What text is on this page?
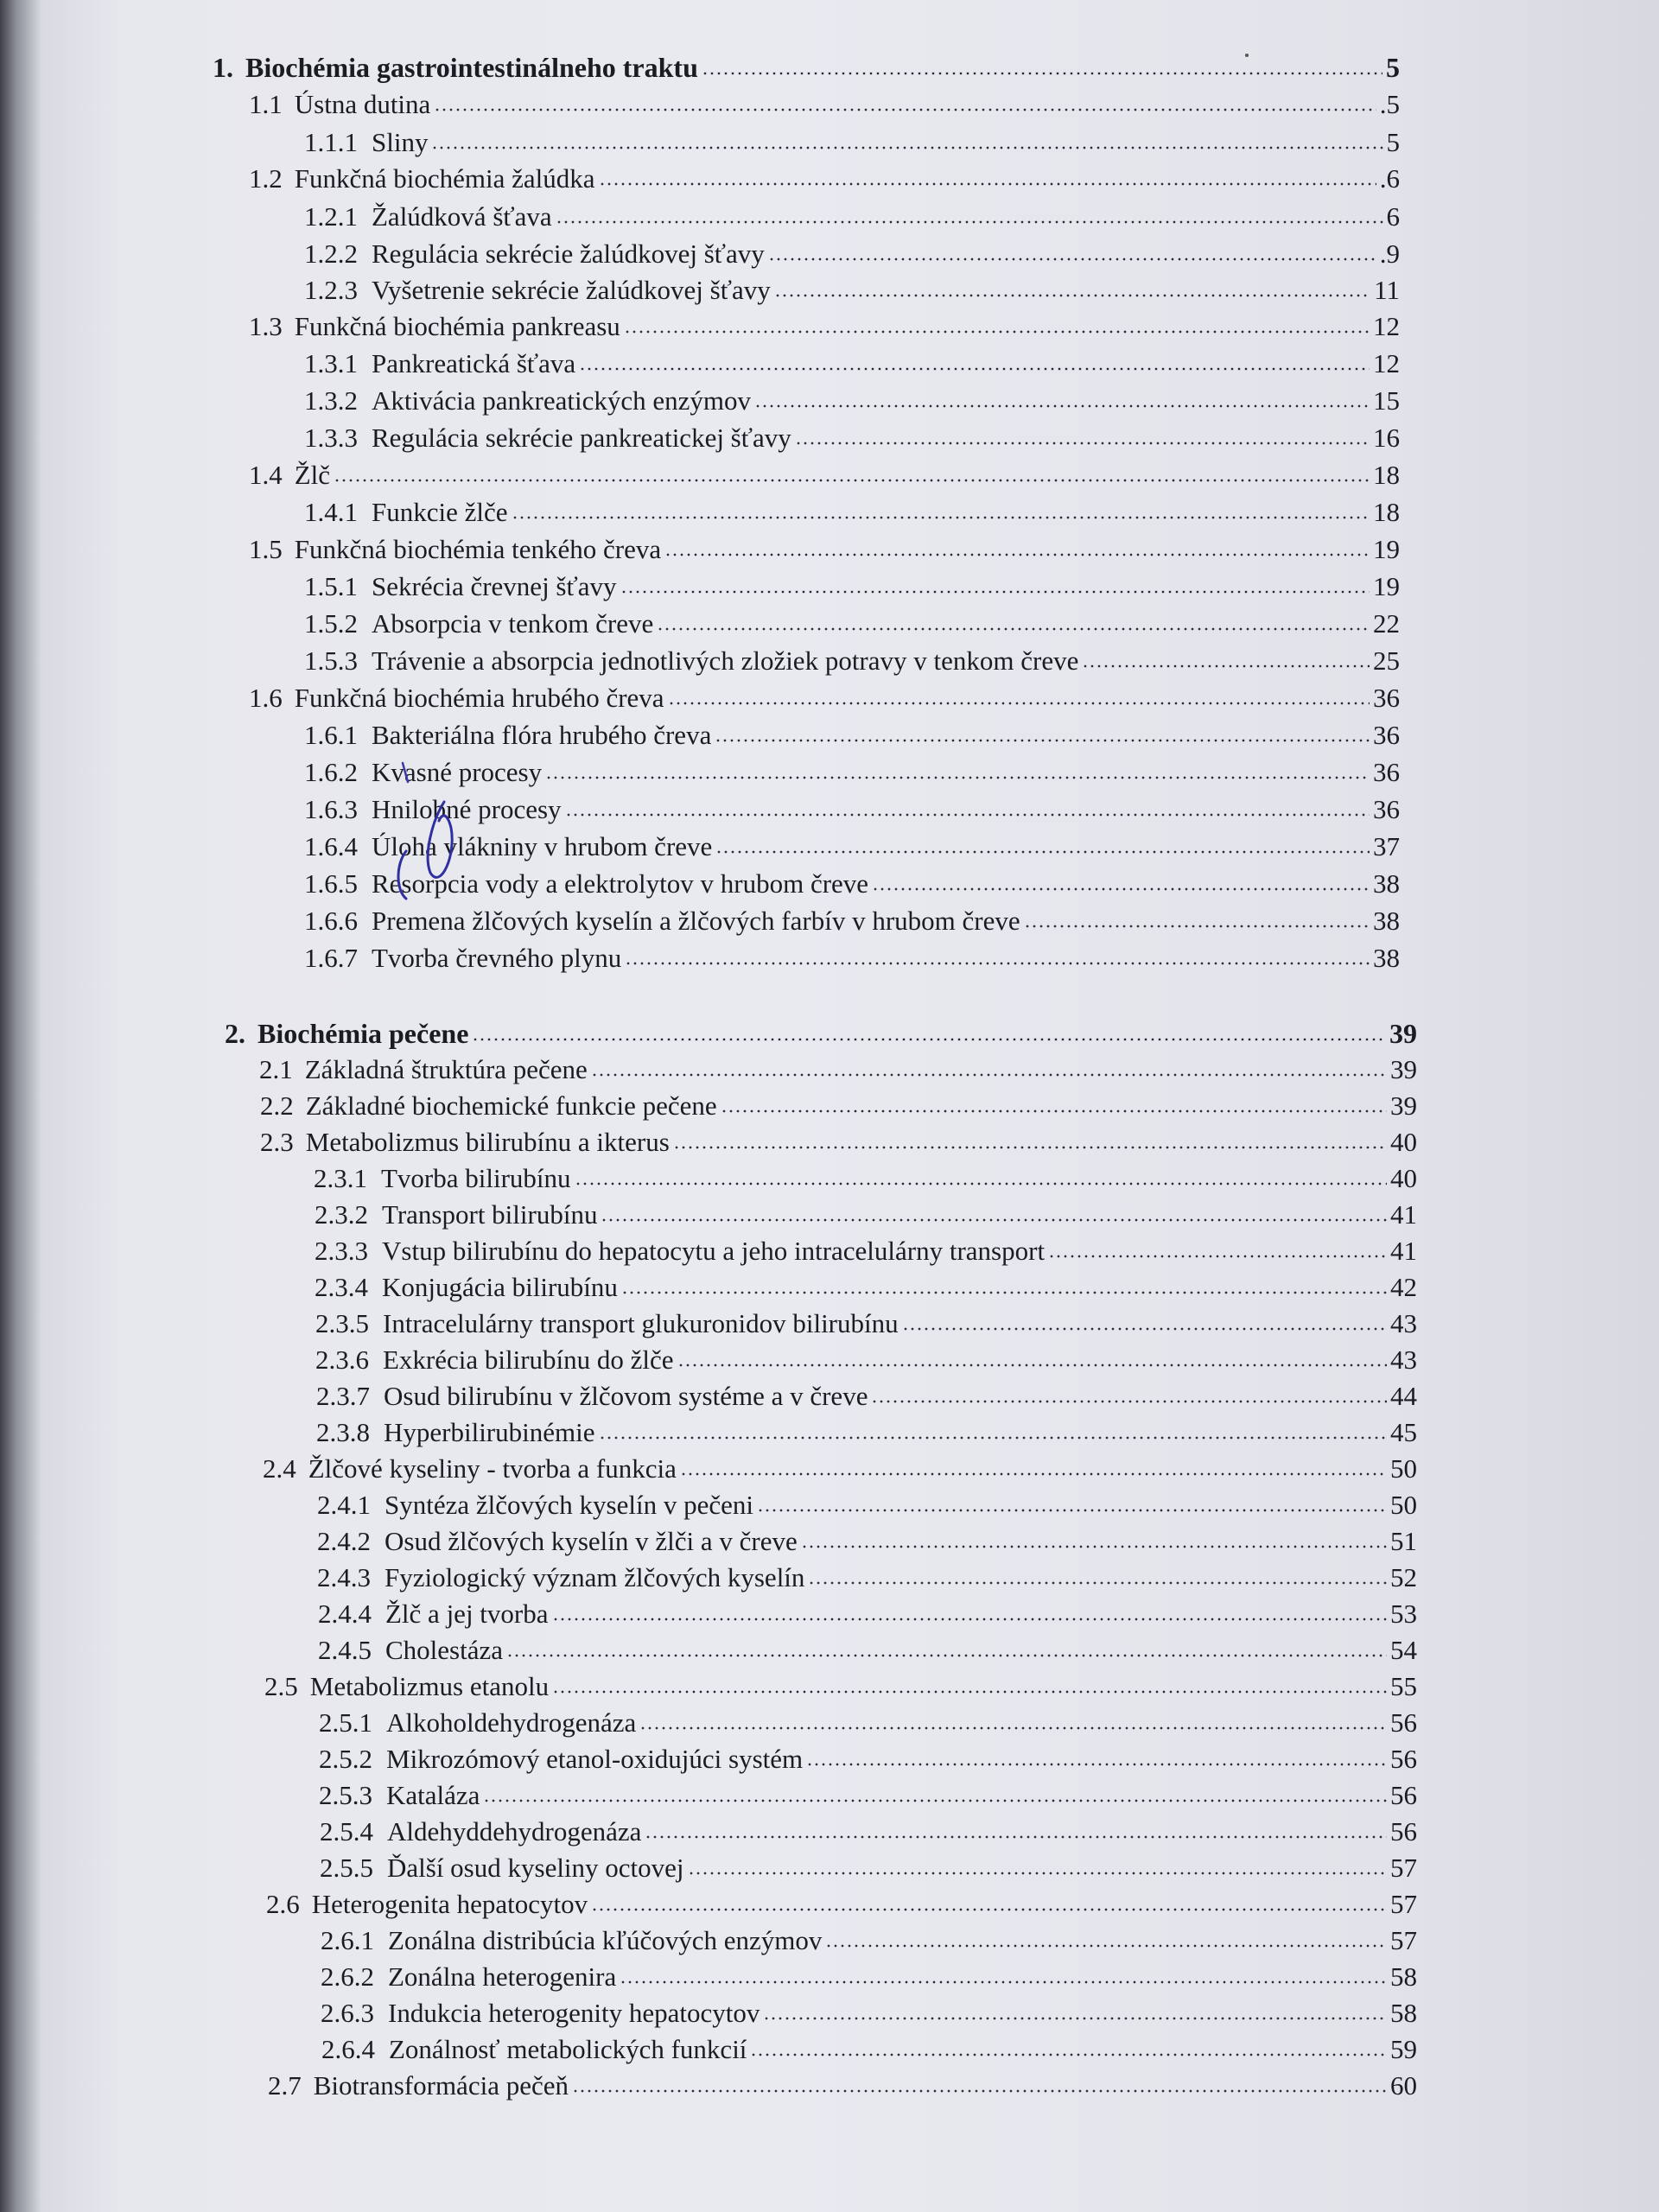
1. Biochémia gastrointestinálneho traktu	5
1.1 Ústna dutina	.5
1.1.1 Sliny	5
1.2 Funkčná biochémia žalúdka	.6
1.2.1 Žalúdková šťava	6
1.2.2 Regulácia sekrécie žalúdkovej šťavy	.9
1.2.3 Vyšetrenie sekrécie žalúdkovej šťavy	11
1.3 Funkčná biochémia pankreasu	12
1.3.1 Pankreatická šťava	12
1.3.2 Aktivácia pankreatických enzýmov	15
1.3.3 Regulácia sekrécie pankreatickej šťavy	16
1.4 Žlč	18
1.4.1 Funkcie žlče	18
1.5 Funkčná biochémia tenkého čreva	19
1.5.1 Sekrécia črevnej šťavy	19
1.5.2 Absorpcia v tenkom čreve	22
1.5.3 Trávenie a absorpcia jednotlivých zložiek potravy v tenkom čreve	25
1.6 Funkčná biochémia hrubého čreva	36
1.6.1 Bakteriálna flóra hrubého čreva	36
1.6.2 Kvasné procesy	36
1.6.3 Hnilobné procesy	36
1.6.4 Úloha vlákniny v hrubom čreve	37
1.6.5 Resorpcia vody a elektrolytov v hrubom čreve	38
1.6.6 Premena žlčových kyselín a žlčových farbív v hrubom čreve	38
1.6.7 Tvorba črevného plynu	38
2. Biochémia pečene	39
2.1 Základná štruktúra pečene	39
2.2 Základné biochemické funkcie pečene	39
2.3 Metabolizmus bilirubínu a ikterus	40
2.3.1 Tvorba bilirubínu	40
2.3.2 Transport bilirubínu	41
2.3.3 Vstup bilirubínu do hepatocytu a jeho intracelulárny transport	41
2.3.4 Konjugácia bilirubínu	42
2.3.5 Intracelulárny transport glukuronidov bilirubínu	43
2.3.6 Exkrécia bilirubínu do žlče	43
2.3.7 Osud bilirubínu v žlčovom systéme a v čreve	44
2.3.8 Hyperbilirubinémie	45
2.4 Žlčové kyseliny - tvorba a funkcia	50
2.4.1 Syntéza žlčových kyselín v pečeni	50
2.4.2 Osud žlčových kyselín v žlči a v čreve	51
2.4.3 Fyziologický význam žlčových kyselín	52
2.4.4 Žlč a jej tvorba	53
2.4.5 Cholestáza	54
2.5 Metabolizmus etanolu	55
2.5.1 Alkoholdehydrogenáza	56
2.5.2 Mikrozómový etanol-oxidujúci systém	56
2.5.3 Kataláza	56
2.5.4 Aldehyddehydrogenáza	56
2.5.5 Ďalší osud kyseliny octovej	57
2.6 Heterogenita hepatocytov	57
2.6.1 Zonálna distribúcia kľúčových enzýmov	57
2.6.2 Zonálna heterogenira	58
2.6.3 Indukcia heterogenity hepatocytov	58
2.6.4 Zonálnosť metabolických funkcií	59
2.7 Biotransformácia pečeň	60
